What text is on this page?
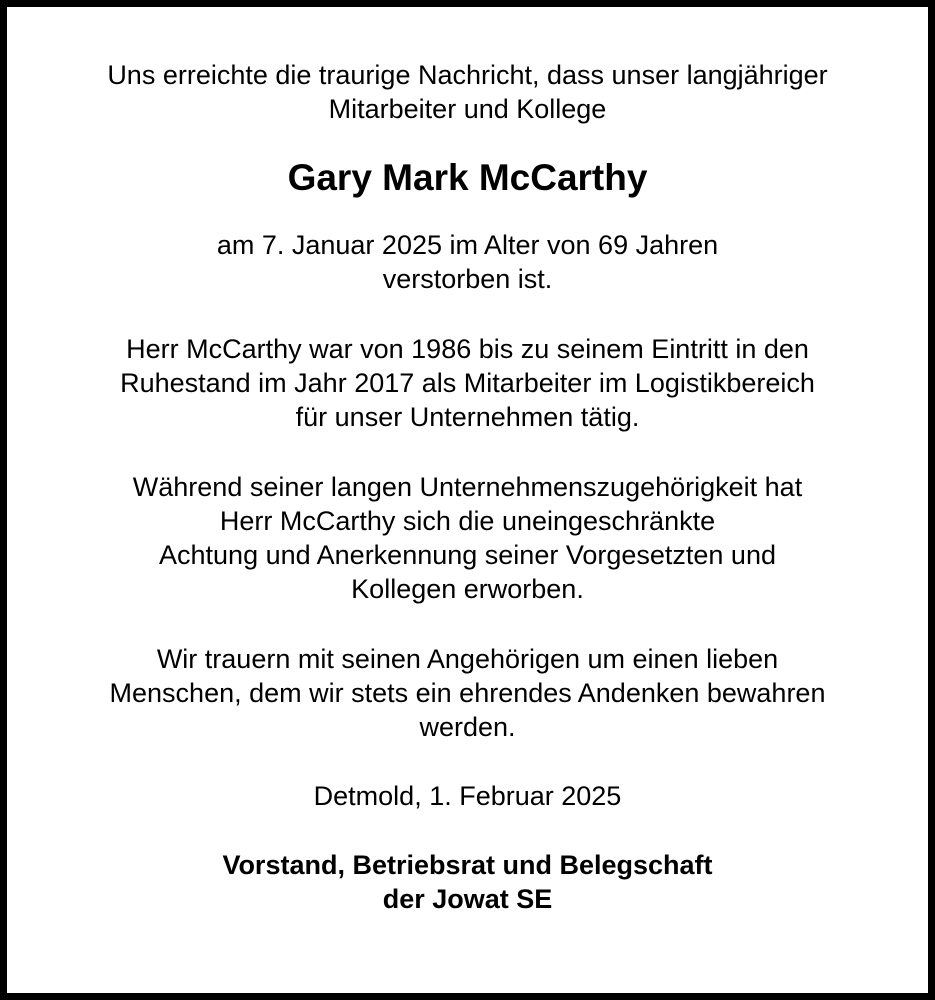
Uns erreichte die traurige Nachricht, dass unser langjähriger
Mitarbeiter und Kollege

Gary Mark McCarthy

am 7. Januar 2025 im Alter von 69 Jahren
verstorben ist.

Herr McCarthy war von 1986 bis zu seinem Eintritt in den
Ruhestand im Jahr 2017 als Mitarbeiter im Logistikbereich
für unser Unternehmen tätig.

Während seiner langen Unternehmenszugehörigkeit hat
Herr McCarthy sich die uneingeschränkte
Achtung und Anerkennung seiner Vorgesetzten und
Kollegen erworben.

Wir trauern mit seinen Angehörigen um einen lieben
Menschen, dem wir stets ein ehrendes Andenken bewahren
werden.

Detmold, 1. Februar 2025

Vorstand, Betriebsrat und Belegschaft
der Jowat SE
